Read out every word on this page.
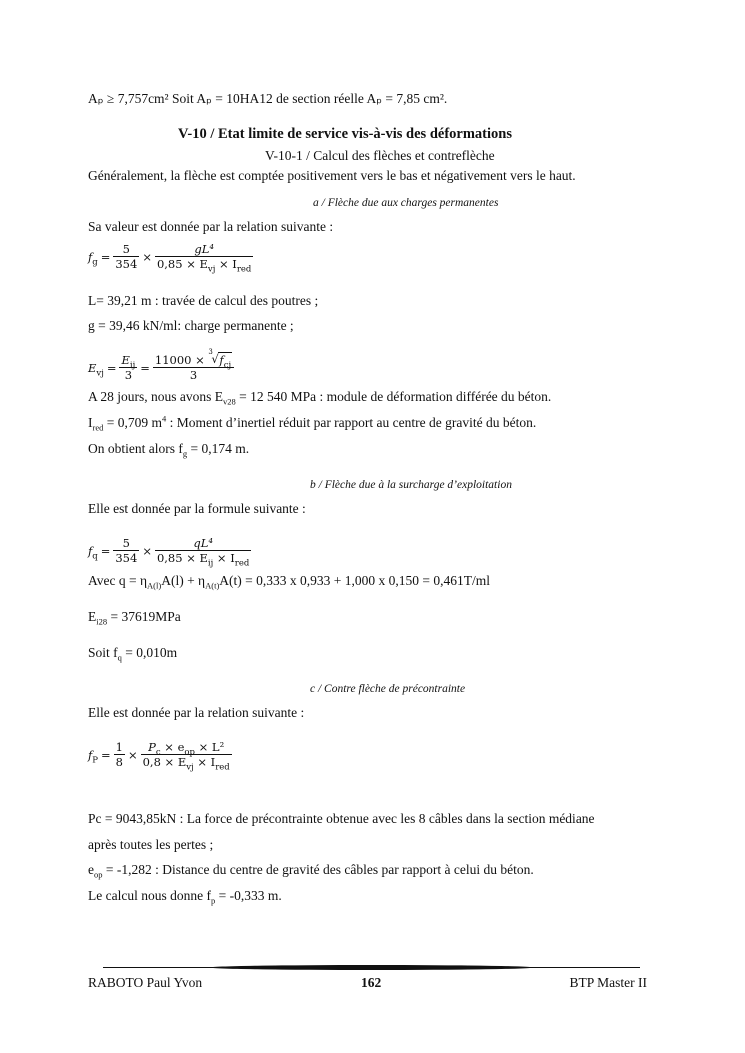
Aₚ ≥ 7,757cm² Soit Aₚ = 10HA12 de section réelle Aₚ = 7,85 cm².
V-10 / Etat limite de service vis-à-vis des déformations
V-10-1 / Calcul des flèches et contreflèche
Généralement, la flèche est comptée positivement vers le bas et négativement vers le haut.
a / Flèche due aux charges permanentes
Sa valeur est donnée par la relation suivante :
$f_g = \frac{5}{354} \times \frac{\text{gL⁴}}{0,85 \times E_{vj} \times I_{red}}$
L= 39,21 m : travée de calcul des poutres ;
g = 39,46 kN/ml: charge permanente ;
$E_{vj} = \frac{E_{ij}}{3} = 11000$ ×
3
√ $f_{cj}$
3
A 28 jours, nous avons $E_{v28} = 12$ 540 MPa : module de déformation différée du béton.
$I_{red} = 0,709$ $m^4$ : Moment d’inertiel réduit par rapport au centre de gravité du béton.
On obtient alors $f_g = 0,174$ m.
b / Flèche due à la surcharge d’exploitation
Elle est donnée par la formule suivante :
$f_q = \frac{5}{354} \times \frac{\text{qL⁴}}{0,85 \times E_{ij} \times I_{red}}$
Avec $q = \eta_{A(l)}A(l) + \eta_{A(t)}A(t) = 0,333$ x 0,933 + 1,000 x 0,150 = 0,461T/ml
$E_{i28} = 37619MPa$
Soit $f_q = 0,010m$
c / Contre flèche de précontrainte
Elle est donnée par la relation suivante :
$f_P = \frac{1}{8} \times \frac{P_c \times e_{op} \times L^2}{0,8 \times E_{vj} \times I_{red}}$
Pc = 9043,85kN : La force de précontrainte obtenue avec les 8 câbles dans la section médiane
après toutes les pertes ;
$e_{op} = -1,282$ : Distance du centre de gravité des câbles par rapport à celui du béton.
Le calcul nous donne $f_p = -0,333$ m.
RABOTO Paul Yvon	162	BTP Master II
